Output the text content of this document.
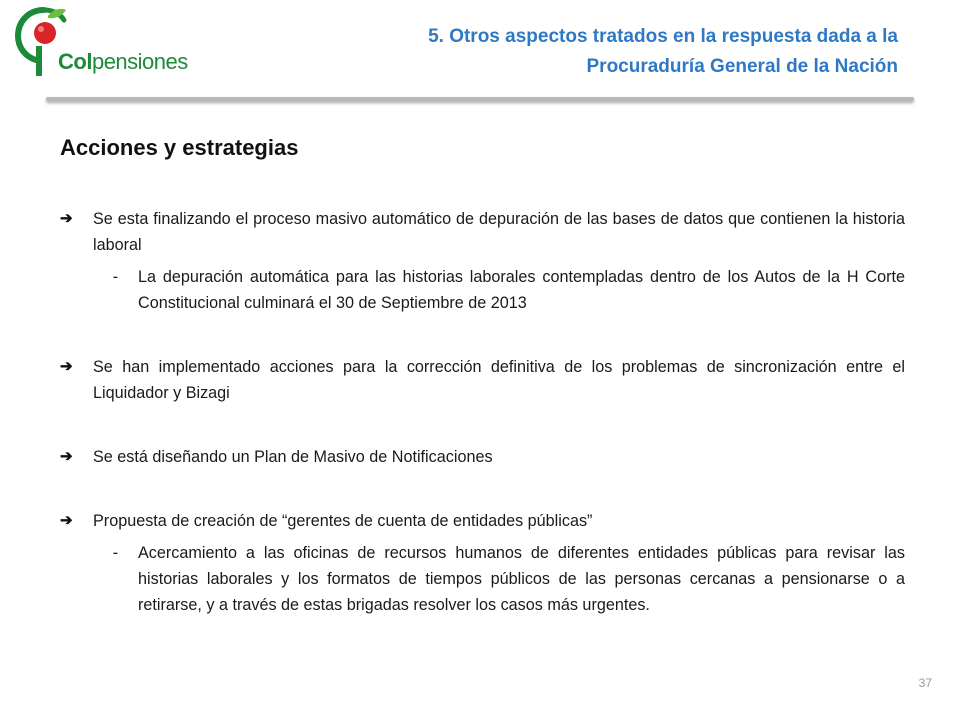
Colpensiones
5. Otros aspectos tratados en la respuesta dada a la
Procuraduría General de la Nación
Acciones y estrategias
➔	Se esta finalizando el proceso masivo automático de depuración de las bases de datos que contienen la historia laboral
-	La depuración automática para las historias laborales contempladas dentro de los Autos de la H Corte Constitucional culminará el 30 de Septiembre de 2013
➔	Se han implementado acciones para la corrección definitiva de los problemas de sincronización entre el Liquidador y Bizagi
➔	Se está diseñando un Plan de Masivo de Notificaciones
➔	Propuesta de creación de “gerentes de cuenta de entidades públicas”
-	Acercamiento a las oficinas de recursos humanos de diferentes entidades públicas para revisar las historias laborales y los formatos de tiempos públicos de las personas cercanas a pensionarse o a retirarse, y a través de estas brigadas resolver los casos más urgentes.
37
